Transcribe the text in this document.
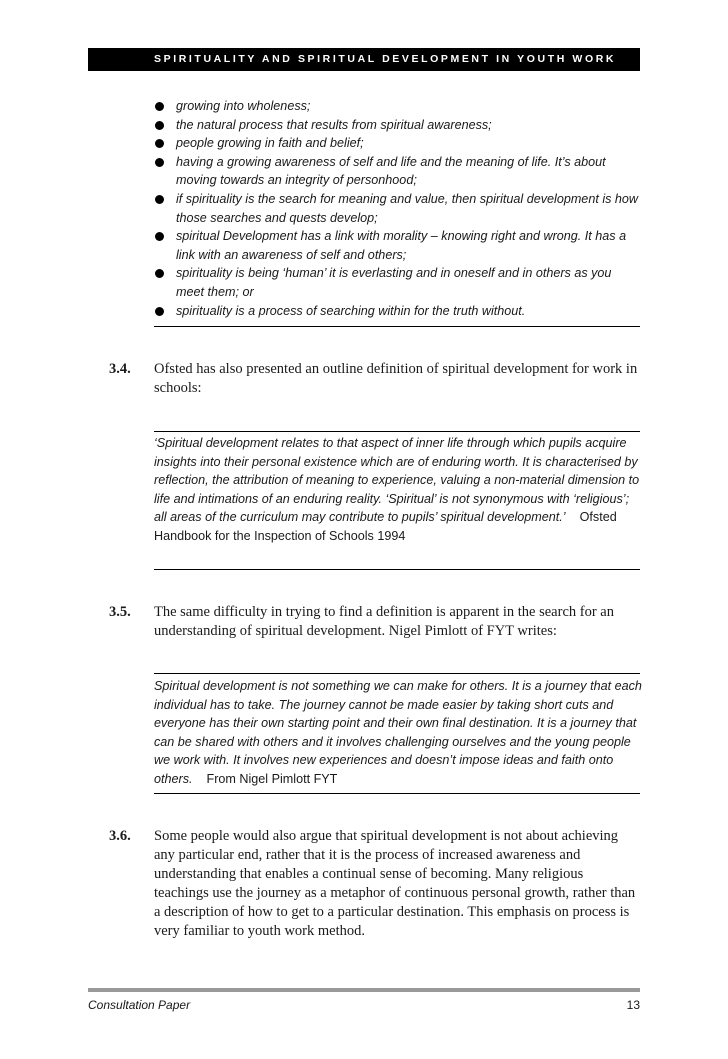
SPIRITUALITY AND SPIRITUAL DEVELOPMENT IN YOUTH WORK
growing into wholeness;
the natural process that results from spiritual awareness;
people growing in faith and belief;
having a growing awareness of self and life and the meaning of life. It’s about moving towards an integrity of personhood;
if spirituality is the search for meaning and value, then spiritual development is how those searches and quests develop;
spiritual Development has a link with morality – knowing right and wrong. It has a link with an awareness of self and others;
spirituality is being ‘human’ it is everlasting and in oneself and in others as you meet them; or
spirituality is a process of searching within for the truth without.
3.4. Ofsted has also presented an outline definition of spiritual development for work in schools:
‘Spiritual development relates to that aspect of inner life through which pupils acquire insights into their personal existence which are of enduring worth. It is characterised by reflection, the attribution of meaning to experience, valuing a non-material dimension to life and intimations of an enduring reality. ‘Spiritual’ is not synonymous with ‘religious’; all areas of the curriculum may contribute to pupils’ spiritual development.’ Ofsted Handbook for the Inspection of Schools 1994
3.5. The same difficulty in trying to find a definition is apparent in the search for an understanding of spiritual development. Nigel Pimlott of FYT writes:
Spiritual development is not something we can make for others. It is a journey that each individual has to take. The journey cannot be made easier by taking short cuts and everyone has their own starting point and their own final destination. It is a journey that can be shared with others and it involves challenging ourselves and the young people we work with. It involves new experiences and doesn’t impose ideas and faith onto others. From Nigel Pimlott FYT
3.6. Some people would also argue that spiritual development is not about achieving any particular end, rather that it is the process of increased awareness and understanding that enables a continual sense of becoming. Many religious teachings use the journey as a metaphor of continuous personal growth, rather than a description of how to get to a particular destination. This emphasis on process is very familiar to youth work method.
Consultation Paper	13
